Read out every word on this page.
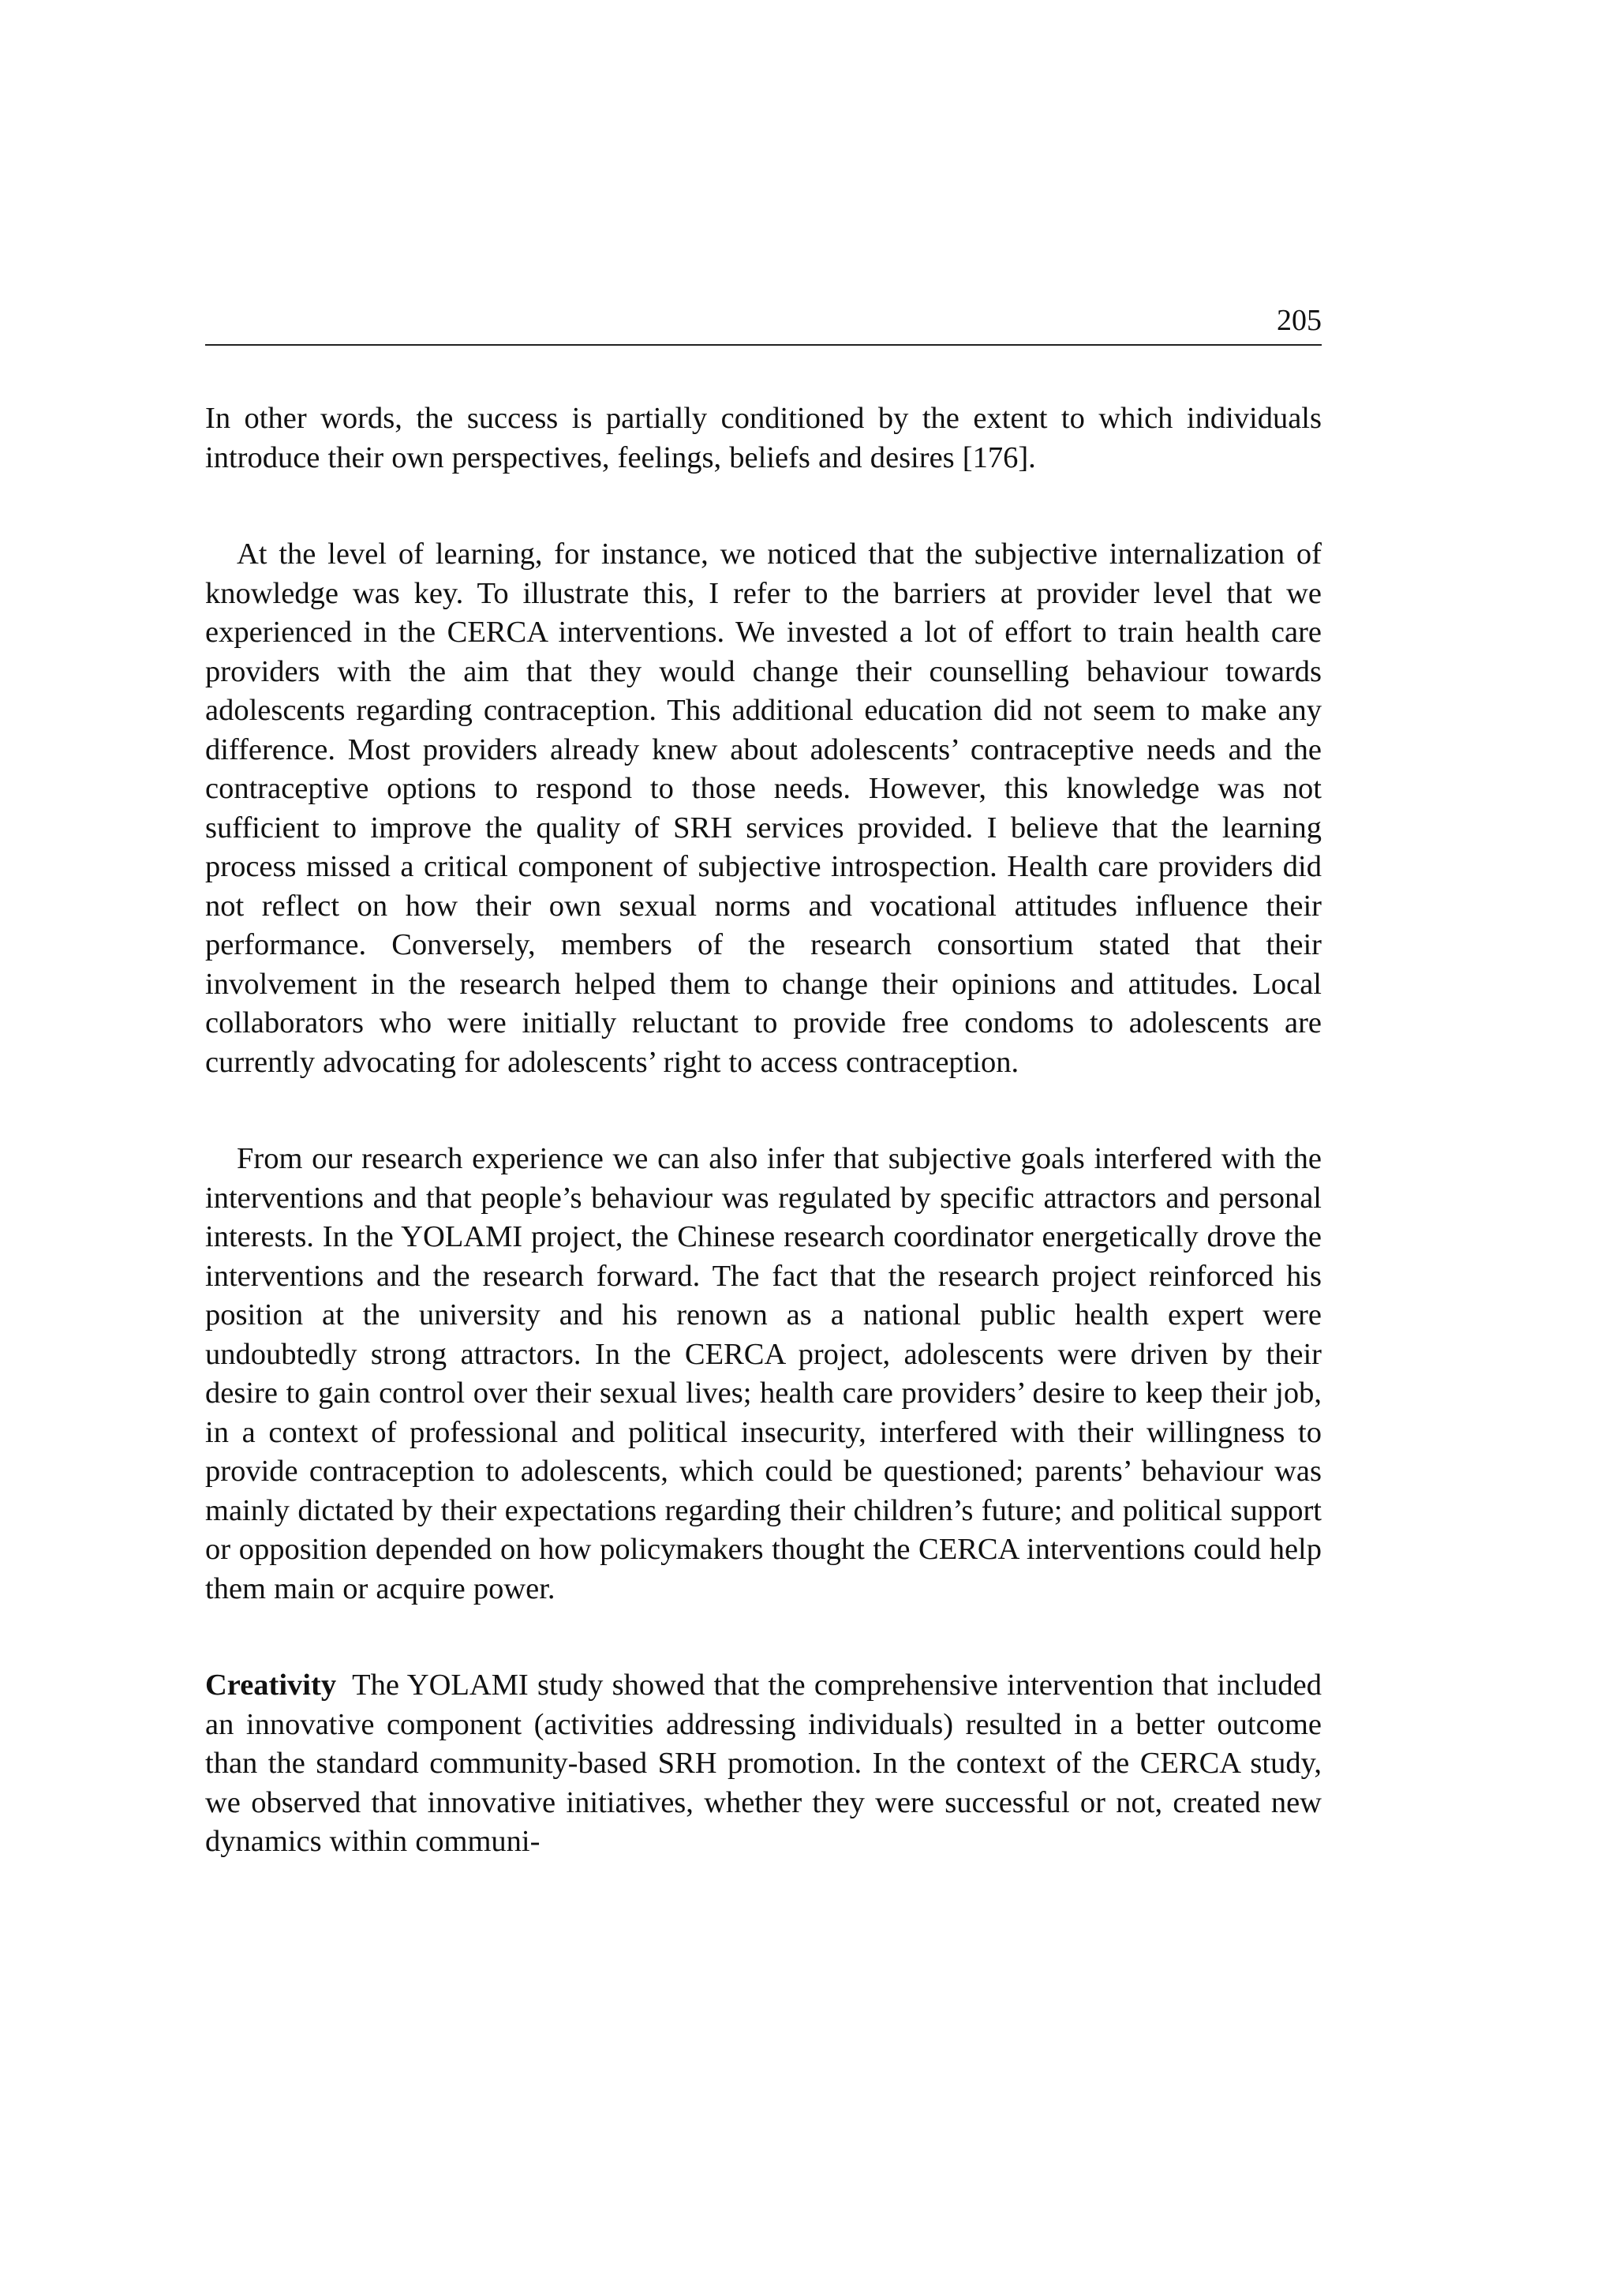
205

In other words, the success is partially conditioned by the extent to which individuals introduce their own perspectives, feelings, beliefs and desires [176].

At the level of learning, for instance, we noticed that the subjective internalization of knowledge was key. To illustrate this, I refer to the barriers at provider level that we experienced in the CERCA interventions. We invested a lot of effort to train health care providers with the aim that they would change their counselling behaviour towards adolescents regarding contraception. This additional education did not seem to make any difference. Most providers already knew about adolescents’ contraceptive needs and the contraceptive options to respond to those needs. However, this knowledge was not sufficient to improve the quality of SRH services provided. I believe that the learning process missed a critical component of subjective introspection. Health care providers did not reflect on how their own sexual norms and vocational attitudes influence their performance. Conversely, members of the research consortium stated that their involvement in the research helped them to change their opinions and attitudes. Local collaborators who were initially reluctant to provide free condoms to adolescents are currently advocating for adolescents’ right to access contraception.

From our research experience we can also infer that subjective goals interfered with the interventions and that people’s behaviour was regulated by specific attractors and personal interests. In the YOLAMI project, the Chinese research coordinator energetically drove the interventions and the research forward. The fact that the research project reinforced his position at the university and his renown as a national public health expert were undoubtedly strong attractors. In the CERCA project, adolescents were driven by their desire to gain control over their sexual lives; health care providers’ desire to keep their job, in a context of professional and political insecurity, interfered with their willingness to provide contraception to adolescents, which could be questioned; parents’ behaviour was mainly dictated by their expectations regarding their children’s future; and political support or opposition depended on how policymakers thought the CERCA interventions could help them main or acquire power.

Creativity The YOLAMI study showed that the comprehensive intervention that included an innovative component (activities addressing individuals) resulted in a better outcome than the standard community-based SRH promotion. In the context of the CERCA study, we observed that innovative initiatives, whether they were successful or not, created new dynamics within communi-
